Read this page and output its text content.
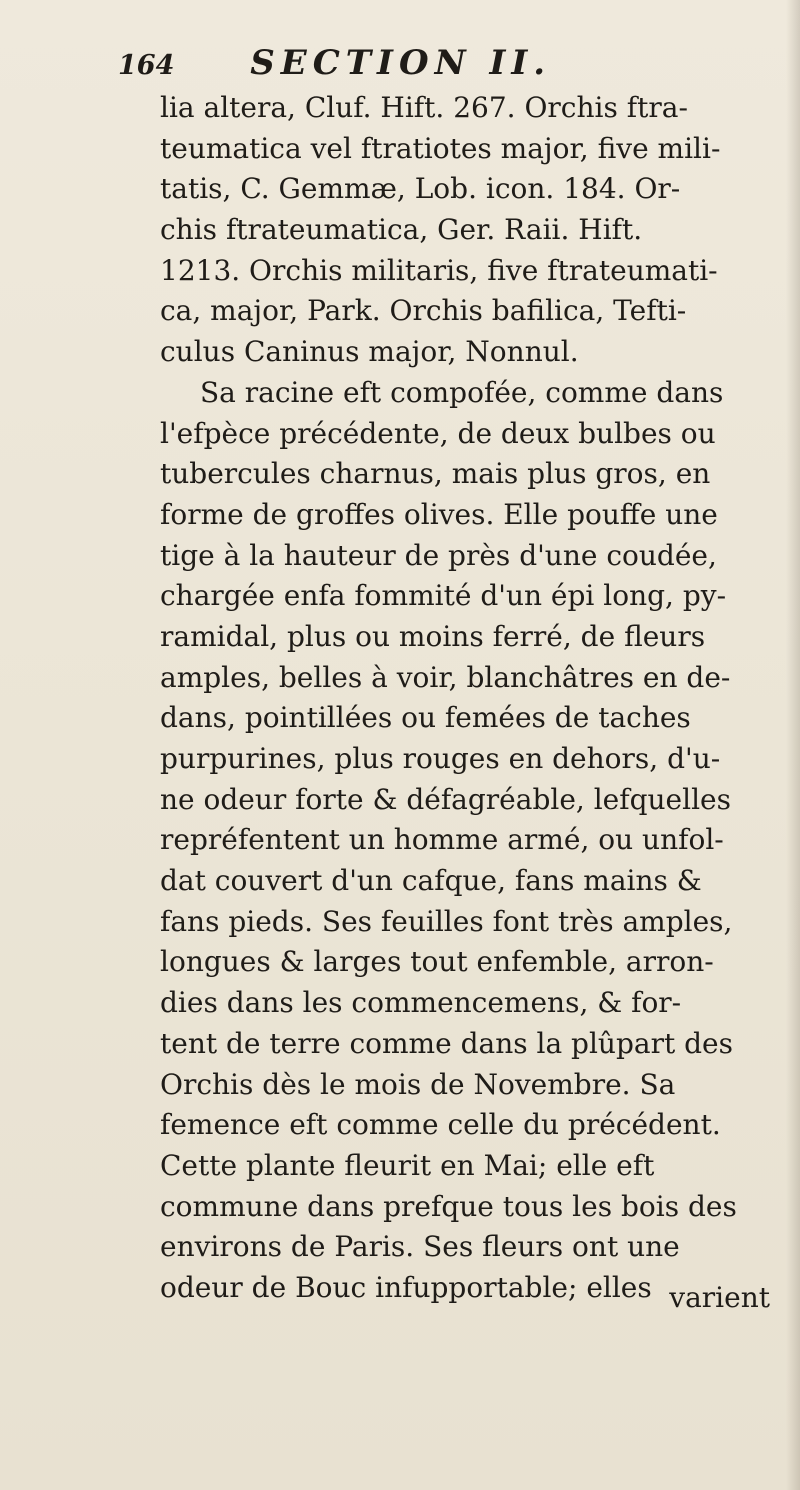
164 SECTION II.
lia altera, Cluf. Hift. 267. Orchis ftra-
teumatica vel ftratiotes major, five mili-
tatis, C. Gemmæ, Lob. icon. 184. Or-
chis ftrateumatica, Ger. Raii. Hift.
1213. Orchis militaris, five ftrateumati-
ca, major, Park. Orchis bafilica, Tefti-
culus Caninus major, Nonnul.
Sa racine eft compofée, comme dans
l'efpèce précédente, de deux bulbes ou
tubercules charnus, mais plus gros, en
forme de groffes olives. Elle pouffe une
tige à la hauteur de près d'une coudée,
chargée enfa fommité d'un épi long, py-
ramidal, plus ou moins ferré, de fleurs
amples, belles à voir, blanchâtres en de-
dans, pointillées ou femées de taches
purpurines, plus rouges en dehors, d'u-
ne odeur forte & défagréable, lefquelles
repréfentent un homme armé, ou unfol-
dat couvert d'un cafque, fans mains &
fans pieds. Ses feuilles font très amples,
longues & larges tout enfemble, arron-
dies dans les commencemens, & for-
tent de terre comme dans la plûpart des
Orchis dès le mois de Novembre. Sa
femence eft comme celle du précédent.
Cette plante fleurit en Mai; elle eft
commune dans prefque tous les bois des
environs de Paris. Ses fleurs ont une
odeur de Bouc infupportable; elles varient
